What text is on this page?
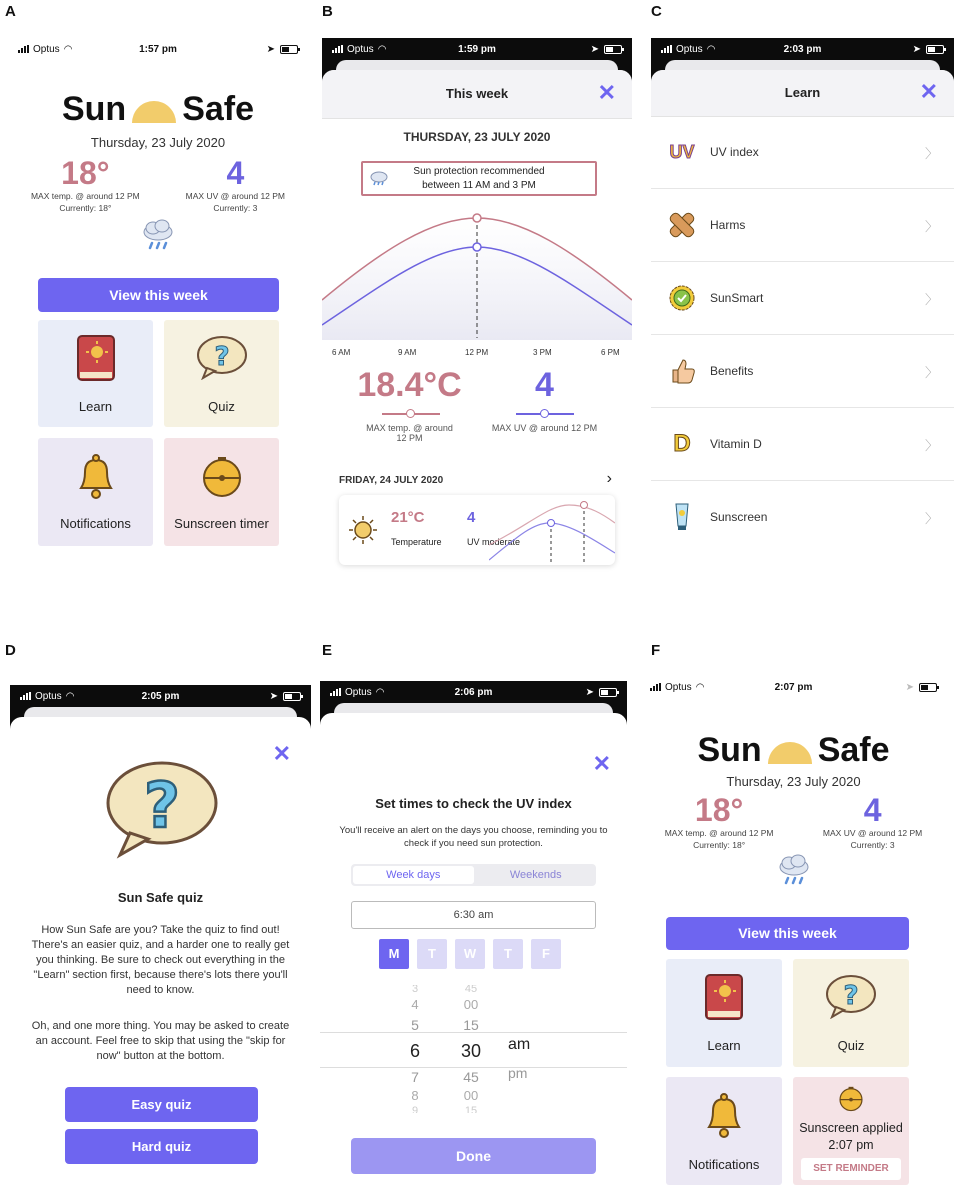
A	B	C
D	E	F
Optus ◠	1:57 pm	➤
Sun Safe
Thursday, 23 July 2020
18°
MAX temp. @ around 12 PM
Currently: 18°
4
MAX UV @ around 12 PM
Currently: 3
View this week
Learn
?
Quiz
Notifications	Sunscreen timer
Optus ◠	1:59 pm	➤
This week	✕
THURSDAY, 23 JULY 2020
Sun protection recommended
between 11 AM and 3 PM
6 AM	9 AM	12 PM	3 PM	6 PM
18.4°C
MAX temp. @ around
12 PM
4
MAX UV @ around 12 PM
FRIDAY, 24 JULY 2020	›
21°C
Temperature
4
UV moderate
Optus ◠	2:03 pm	➤
Learn	✕
UV UV index	〉
Harms	〉
SunSmart	〉
Benefits	〉
D Vitamin D	〉
Sunscreen	〉
Optus ◠	2:05 pm	➤
✕
?
Sun Safe quiz
How Sun Safe are you? Take the quiz to find out! There's an easier quiz, and a harder one to really get you thinking. Be sure to check out everything in the "Learn" section first, because there's lots there you'll need to know.
Oh, and one more thing. You may be asked to create an account. Feel free to skip that using the "skip for now" button at the bottom.
Easy quiz
Hard quiz
Optus ◠	2:06 pm	➤
✕
Set times to check the UV index
You'll receive an alert on the days you choose, reminding you to check if you need sun protection.
Week days	Weekends
6:30 am
M	T	W	T	F
3
4
5
6
7
8
9
45
00
15
30
45
00
15
am
pm
Done
Optus ◠	2:07 pm	➤
Sun Safe
Thursday, 23 July 2020
18°
MAX temp. @ around 12 PM
Currently: 18°
4
MAX UV @ around 12 PM
Currently: 3
View this week
Learn
?
Quiz
Notifications
Sunscreen applied
2:07 pm
SET REMINDER
